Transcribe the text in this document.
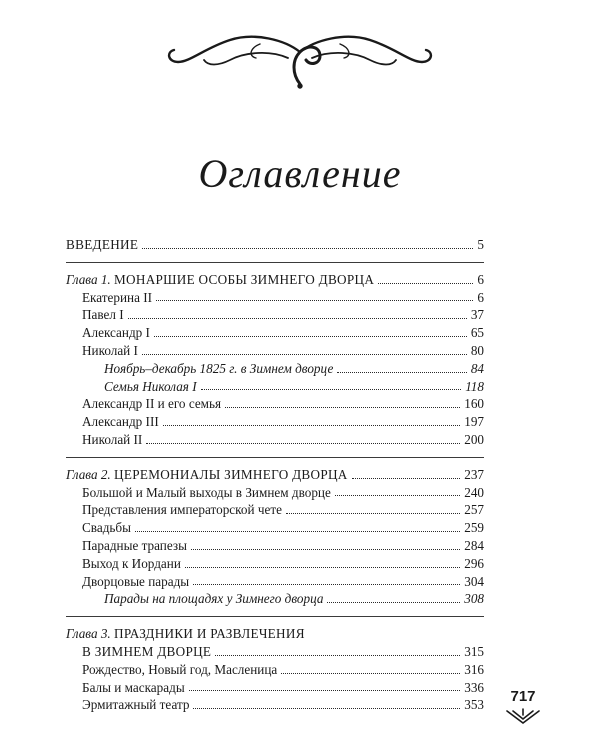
Оглавление
ВВЕДЕНИЕ	5
Глава 1. МОНАРШИЕ ОСОБЫ ЗИМНЕГО ДВОРЦА	6
Екатерина II	6
Павел I	37
Александр I	65
Николай I	80
Ноябрь–декабрь 1825 г. в Зимнем дворце	84
Семья Николая I	118
Александр II и его семья	160
Александр III	197
Николай II	200
Глава 2. ЦЕРЕМОНИАЛЫ ЗИМНЕГО ДВОРЦА	237
Большой и Малый выходы в Зимнем дворце	240
Представления императорской чете	257
Свадьбы	259
Парадные трапезы	284
Выход к Иордани	296
Дворцовые парады	304
Парады на площадях у Зимнего дворца	308
Глава 3. ПРАЗДНИКИ И РАЗВЛЕЧЕНИЯ
В ЗИМНЕМ ДВОРЦЕ	315
Рождество, Новый год, Масленица	316
Балы и маскарады	336
Эрмитажный театр	353	717
